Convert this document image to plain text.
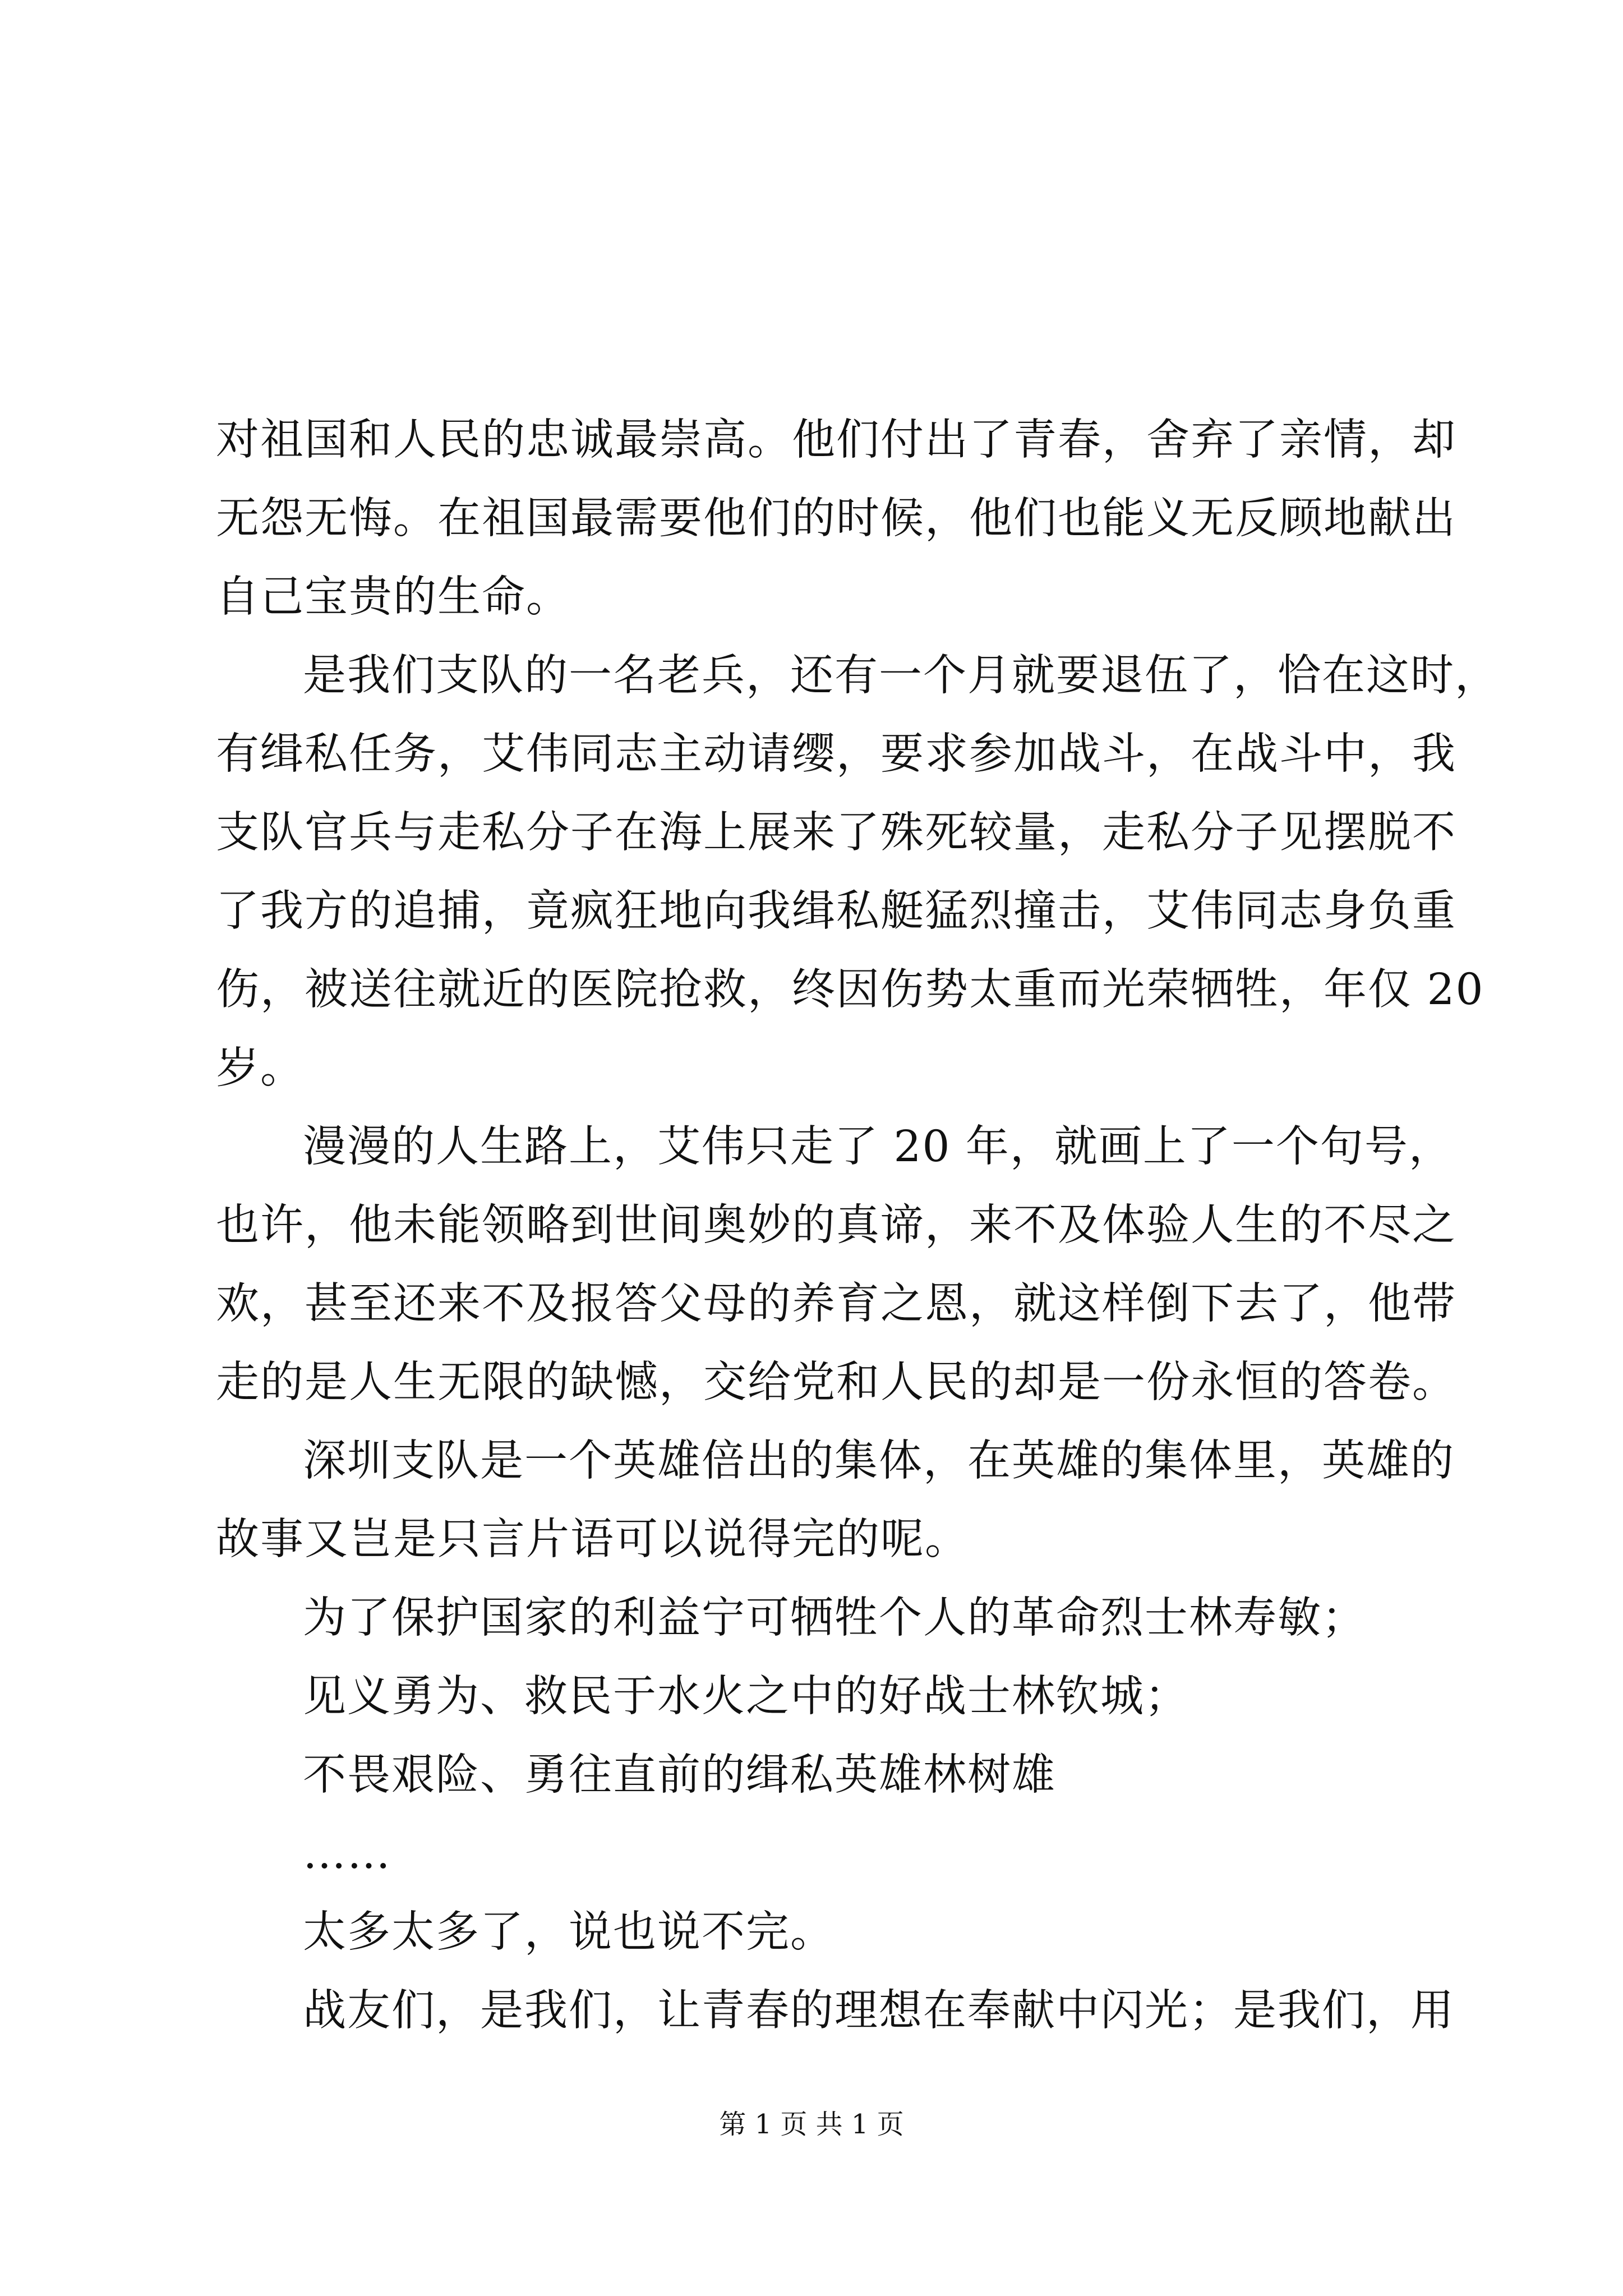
对祖国和人民的忠诚最崇高。他们付出了青春，舍弃了亲情，却
无怨无悔。在祖国最需要他们的时候，他们也能义无反顾地献出
自己宝贵的生命。
是我们支队的一名老兵，还有一个月就要退伍了，恰在这时，
有缉私任务，艾伟同志主动请缨，要求参加战斗，在战斗中，我
支队官兵与走私分子在海上展来了殊死较量，走私分子见摆脱不
了我方的追捕，竟疯狂地向我缉私艇猛烈撞击，艾伟同志身负重
伤，被送往就近的医院抢救，终因伤势太重而光荣牺牲，年仅 20
岁。
漫漫的人生路上，艾伟只走了 20 年，就画上了一个句号，
也许，他未能领略到世间奥妙的真谛，来不及体验人生的不尽之
欢，甚至还来不及报答父母的养育之恩，就这样倒下去了，他带
走的是人生无限的缺憾，交给党和人民的却是一份永恒的答卷。
深圳支队是一个英雄倍出的集体，在英雄的集体里，英雄的
故事又岂是只言片语可以说得完的呢。
为了保护国家的利益宁可牺牲个人的革命烈士林寿敏；
见义勇为、救民于水火之中的好战士林钦城；
不畏艰险、勇往直前的缉私英雄林树雄
……
太多太多了，说也说不完。
第 1 页 共 1 页
战友们，是我们，让青春的理想在奉献中闪光；是我们，用
